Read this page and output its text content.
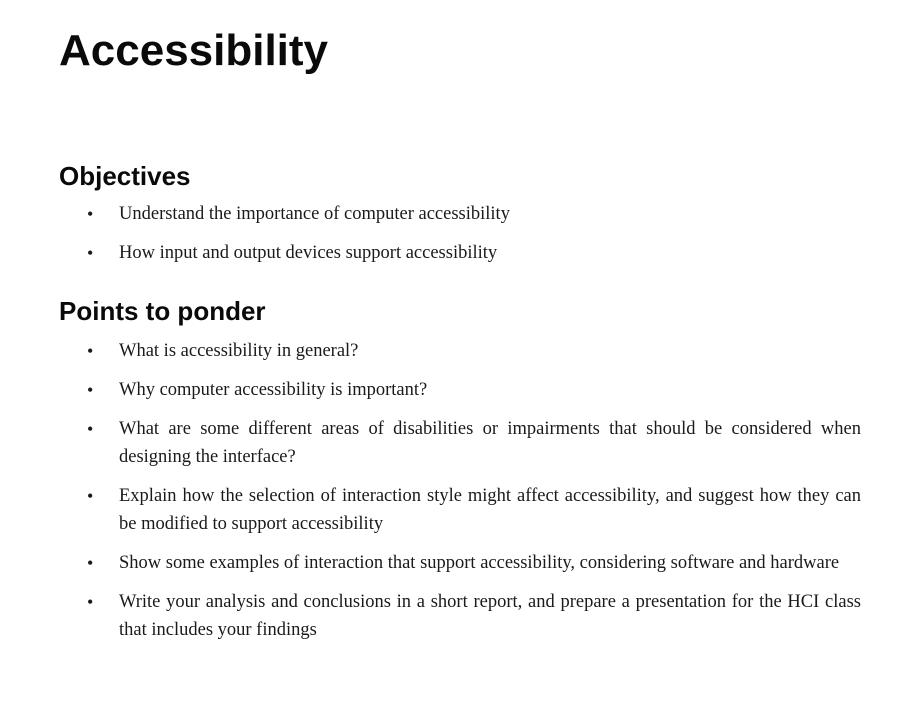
Accessibility
Objectives
• Understand the importance of computer accessibility
• How input and output devices support accessibility
Points to ponder
• What is accessibility in general?
• Why computer accessibility is important?
• What are some different areas of disabilities or impairments that should be considered when designing the interface?
• Explain how the selection of interaction style might affect accessibility, and suggest how they can be modified to support accessibility
• Show some examples of interaction that support accessibility, considering software and hardware
• Write your analysis and conclusions in a short report, and prepare a presentation for the HCI class that includes your findings
